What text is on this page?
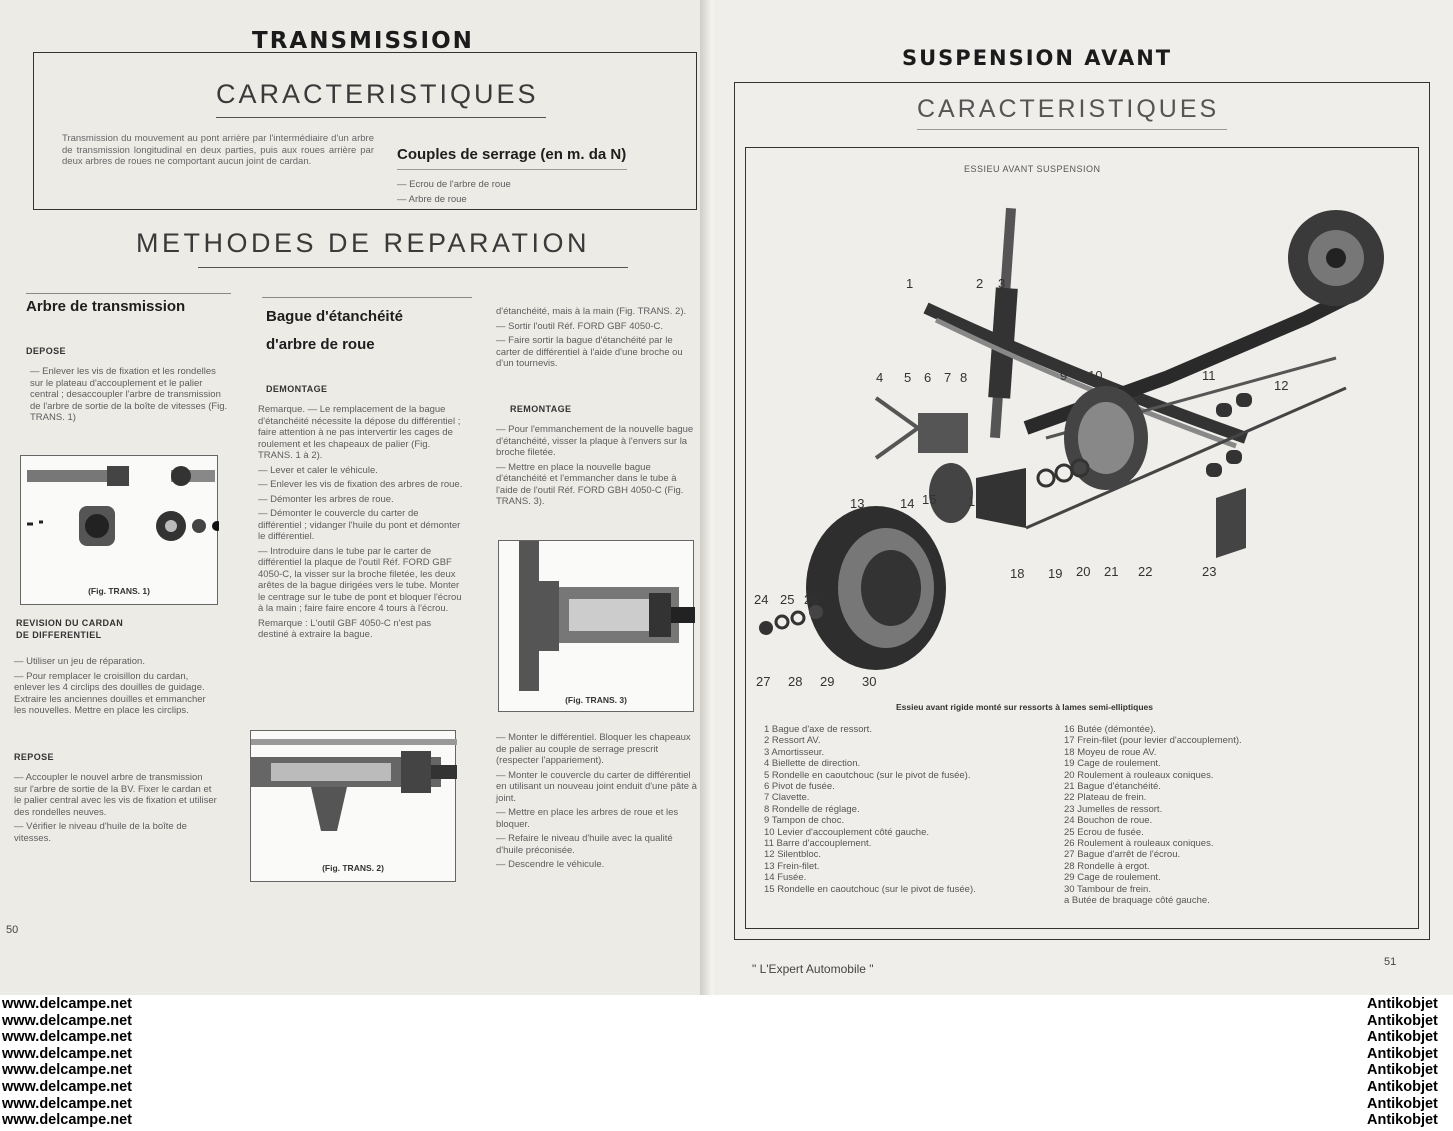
TRANSMISSION
CARACTERISTIQUES
Transmission du mouvement au pont arrière par l'intermédiaire d'un arbre de transmission longitudinal en deux parties, puis aux roues arrière par deux arbres de roues ne comportant aucun joint de cardan.	Couples de serrage (en m. da N)
— Ecrou de l'arbre de roue
— Arbre de roue
METHODES DE REPARATION
Arbre de transmission
DEPOSE
— Enlever les vis de fixation et les rondelles sur le plateau d'accouplement et le palier central ; desaccoupler l'arbre de transmission de l'arbre de sortie de la boîte de vitesses (Fig. TRANS. 1)
(Fig. TRANS. 1)
REVISION DU CARDAN
DE DIFFERENTIEL
— Utiliser un jeu de réparation.
— Pour remplacer le croisillon du cardan, enlever les 4 circlips des douilles de guidage. Extraire les anciennes douilles et emmancher les nouvelles. Mettre en place les circlips.
REPOSE
— Accoupler le nouvel arbre de transmission sur l'arbre de sortie de la BV. Fixer le cardan et le palier central avec les vis de fixation et utiliser des rondelles neuves.
— Vérifier le niveau d'huile de la boîte de vitesses.
Bague d'étanchéité
d'arbre de roue
DEMONTAGE
Remarque. — Le remplacement de la bague d'étanchéité nécessite la dépose du différentiel ; faire attention à ne pas intervertir les cages de roulement et les chapeaux de palier (Fig. TRANS. 1 à 2).
— Lever et caler le véhicule.
— Enlever les vis de fixation des arbres de roue.
— Démonter les arbres de roue.
— Démonter le couvercle du carter de différentiel ; vidanger l'huile du pont et démonter le différentiel.
— Introduire dans le tube par le carter de différentiel la plaque de l'outil Réf. FORD GBF 4050-C, la visser sur la broche filetée, les deux arêtes de la bague dirigées vers le tube. Monter le centrage sur le tube de pont et bloquer l'écrou à la main ; faire faire encore 4 tours à l'écrou.
Remarque : L'outil GBF 4050-C n'est pas destiné à extraire la bague.
(Fig. TRANS. 2)
d'étanchéité, mais à la main (Fig. TRANS. 2).
— Sortir l'outil Réf. FORD GBF 4050-C.
— Faire sortir la bague d'étanchéité par le carter de différentiel à l'aide d'une broche ou d'un tournevis.
REMONTAGE
— Pour l'emmanchement de la nouvelle bague d'étanchéité, visser la plaque à l'envers sur la broche filetée.
— Mettre en place la nouvelle bague d'étanchéité et l'emmancher dans le tube à l'aide de l'outil Réf. FORD GBH 4050-C (Fig. TRANS. 3).
(Fig. TRANS. 3)
— Monter le différentiel. Bloquer les chapeaux de palier au couple de serrage prescrit (respecter l'appariement).
— Monter le couvercle du carter de différentiel en utilisant un nouveau joint enduit d'une pâte à joint.
— Mettre en place les arbres de roue et les bloquer.
— Refaire le niveau d'huile avec la qualité d'huile préconisée.
— Descendre le véhicule.
50
SUSPENSION AVANT
CARACTERISTIQUES
ESSIEU AVANT SUSPENSION
1	2 3
4 5 6 7 8	9 10	11
12
13	14 15 16 17
18 19 20 21 22	23
24 25 26
27 28 29 30
Essieu avant rigide monté sur ressorts à lames semi-elliptiques
1 Bague d'axe de ressort.
2 Ressort AV.
3 Amortisseur.
4 Biellette de direction.
5 Rondelle en caoutchouc (sur le pivot de fusée).
6 Pivot de fusée.
7 Clavette.
8 Rondelle de réglage.
9 Tampon de choc.
10 Levier d'accouplement côté gauche.
11 Barre d'accouplement.
12 Silentbloc.
13 Frein-filet.
14 Fusée.
15 Rondelle en caoutchouc (sur le pivot de fusée).
16 Butée (démontée).
17 Frein-filet (pour levier d'accouplement).
18 Moyeu de roue AV.
19 Cage de roulement.
20 Roulement à rouleaux coniques.
21 Bague d'étanchéité.
22 Plateau de frein.
23 Jumelles de ressort.
24 Bouchon de roue.
25 Ecrou de fusée.
26 Roulement à rouleaux coniques.
27 Bague d'arrêt de l'écrou.
28 Rondelle à ergot.
29 Cage de roulement.
30 Tambour de frein.
a Butée de braquage côté gauche.
" L'Expert Automobile "	51
www.delcampe.net	Antikobjet
www.delcampe.net	Antikobjet
www.delcampe.net	Antikobjet
www.delcampe.net	Antikobjet
www.delcampe.net	Antikobjet
www.delcampe.net	Antikobjet
www.delcampe.net	Antikobjet
www.delcampe.net	Antikobjet
